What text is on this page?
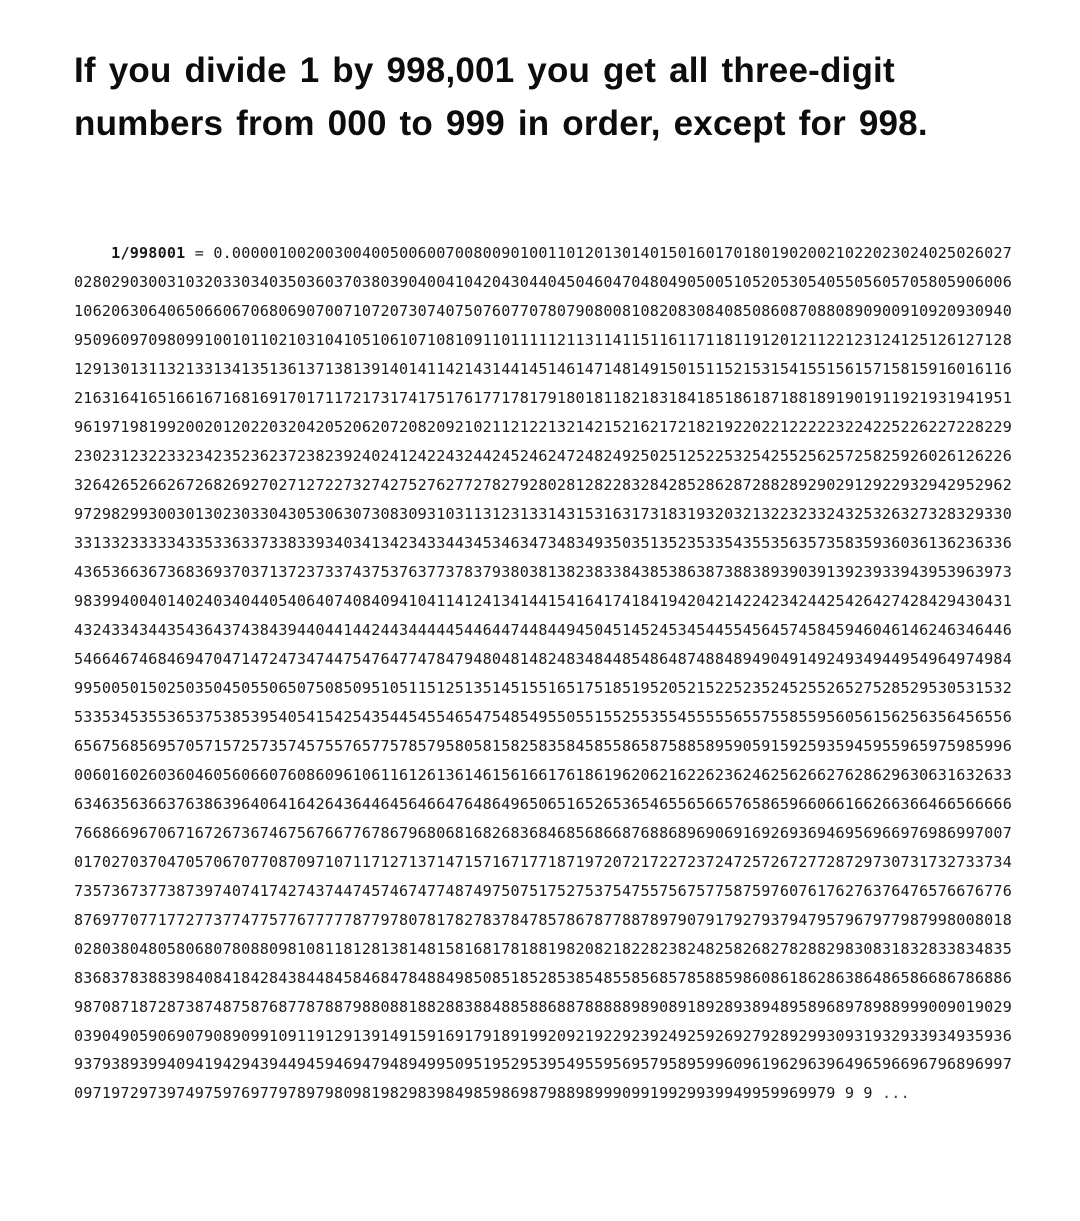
If you divide 1 by 998,001 you get all three-digit numbers from 000 to 999 in order, except for 998.

1/998001 = 0.000001002003004005006007008009010011012013014015016017018019020021022023024025026027028029030031032033034035036037038039040041042043044045046047048049050051052053054055056057058059060061062063064065066067068069070071072073074075076077078079080081082083084085086087088089090091092093094095096097098099100101102103104105106107108109110111112113114115116117118119120121122123124125126127128129130131132133134135136137138139140141142143144145146147148149150151152153154155156157158159160161162163164165166167168169170171172173174175176177178179180181182183184185186187188189190191192193194195196197198199200201202203204205206207208209210211212213214215216217218219220221222223224225226227228229230231232233234235236237238239240241242243244245246247248249250251252253254255256257258259260261262263264265266267268269270271272273274275276277278279280281282283284285286287288289290291292293294295296297298299300301302303304305306307308309310311312313314315316317318319320321322323324325326327328329330331332333334335336337338339340341342343344345346347348349350351352353354355356357358359360361362363364365366367368369370371372373374375376377378379380381382383384385386387388389390391392393394395396397398399400401402403404405406407408409410411412413414415416417418419420421422423424425426427428429430431432433434435436437438439440441442443444445446447448449450451452453454455456457458459460461462463464465466467468469470471472473474475476477478479480481482483484485486487488489490491492493494495496497498499500501502503504505506507508509510511512513514515516517518519520521522523524525526527528529530531532533534535536537538539540541542543544545546547548549550551552553554555556557558559560561562563564565566567568569570571572573574575576577578579580581582583584585586587588589590591592593594595596597598599600601602603604605606607608609610611612613614615616617618619620621622623624625626627628629630631632633634635636637638639640641642643644645646647648649650651652653654655656657658659660661662663664665666667668669670671672673674675676677678679680681682683684685686687688689690691692693694695696697698699700701702703704705706707708709710711712713714715716717718719720721722723724725726727728729730731732733734735736737738739740741742743744745746747748749750751752753754755756757758759760761762763764765766767768769770771772773774775776777778779780781782783784785786787788789790791792793794795796797798799800801802803804805806807808809810811812813814815816817818819820821822823824825826827828829830831832833834835836837838839840841842843844845846847848849850851852853854855856857858859860861862863864865866867868869870871872873874875876877878879880881882883884885886887888889890891892893894895896897898899900901902903904905906907908909910911912913914915916917918919920921922923924925926927928929930931932933934935936937938939940941942943944945946947948949950951952953954955956957958959960961962963964965966967968969970971972973974975976977978979809819829839849859869879889899909919929939949959969979 9 9 ...
